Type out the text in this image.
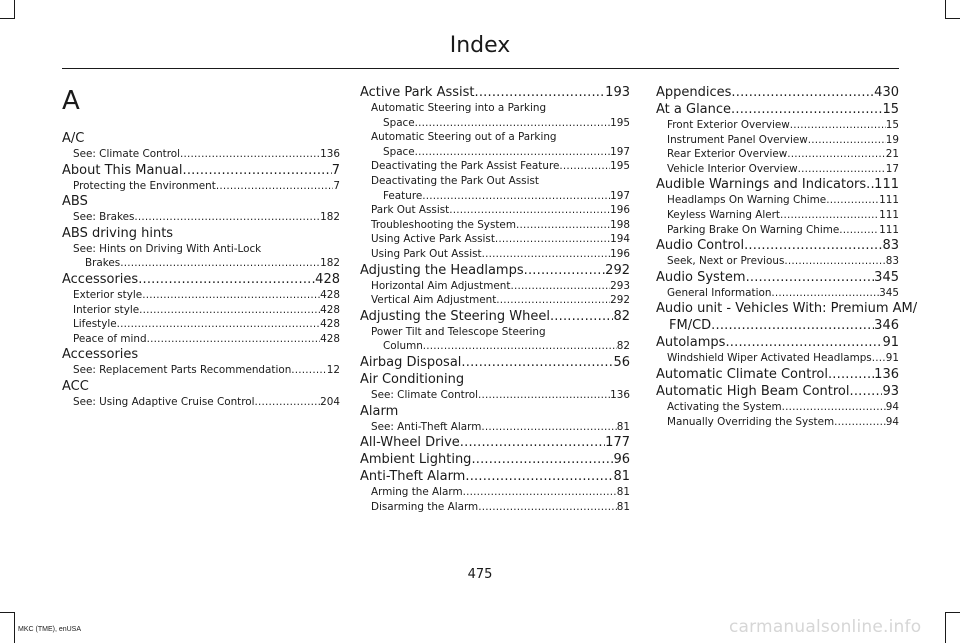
Index
A
A/C
See: Climate Control .....	136
About This Manual .....	7
Protecting the Environment .....	7
ABS
See: Brakes .....	182
ABS driving hints
See: Hints on Driving With Anti-Lock
Brakes .....	182
Accessories .....	428
Exterior style .....	428
Interior style .....	428
Lifestyle .....	428
Peace of mind .....	428
Accessories
See: Replacement Parts Recommendation .....	12
ACC
See: Using Adaptive Cruise Control .....	204
Active Park Assist .....	193
Automatic Steering into a Parking
Space .....	195
Automatic Steering out of a Parking
Space .....	197
Deactivating the Park Assist Feature .....	195
Deactivating the Park Out Assist
Feature .....	197
Park Out Assist .....	196
Troubleshooting the System .....	198
Using Active Park Assist .....	194
Using Park Out Assist .....	196
Adjusting the Headlamps .....	292
Horizontal Aim Adjustment .....	293
Vertical Aim Adjustment .....	292
Adjusting the Steering Wheel .....	82
Power Tilt and Telescope Steering
Column .....	82
Airbag Disposal .....	56
Air Conditioning
See: Climate Control .....	136
Alarm
See: Anti-Theft Alarm .....	81
All-Wheel Drive .....	177
Ambient Lighting .....	96
Anti-Theft Alarm .....	81
Arming the Alarm .....	81
Disarming the Alarm .....	81
Appendices .....	430
At a Glance .....	15
Front Exterior Overview .....	15
Instrument Panel Overview .....	19
Rear Exterior Overview .....	21
Vehicle Interior Overview .....	17
Audible Warnings and Indicators ..... 111
Headlamps On Warning Chime .....	111
Keyless Warning Alert .....	111
Parking Brake On Warning Chime .....	111
Audio Control .....	83
Seek, Next or Previous .....	83
Audio System .....	345
General Information .....	345
Audio unit - Vehicles With: Premium AM/
FM/CD .....	346
Autolamps .....	91
Windshield Wiper Activated Headlamps ..... 91
Automatic Climate Control .....	136
Automatic High Beam Control .....	93
Activating the System .....	94
Manually Overriding the System .....	94
475
MKC (TME), enUSA	carmanualsonline.info
